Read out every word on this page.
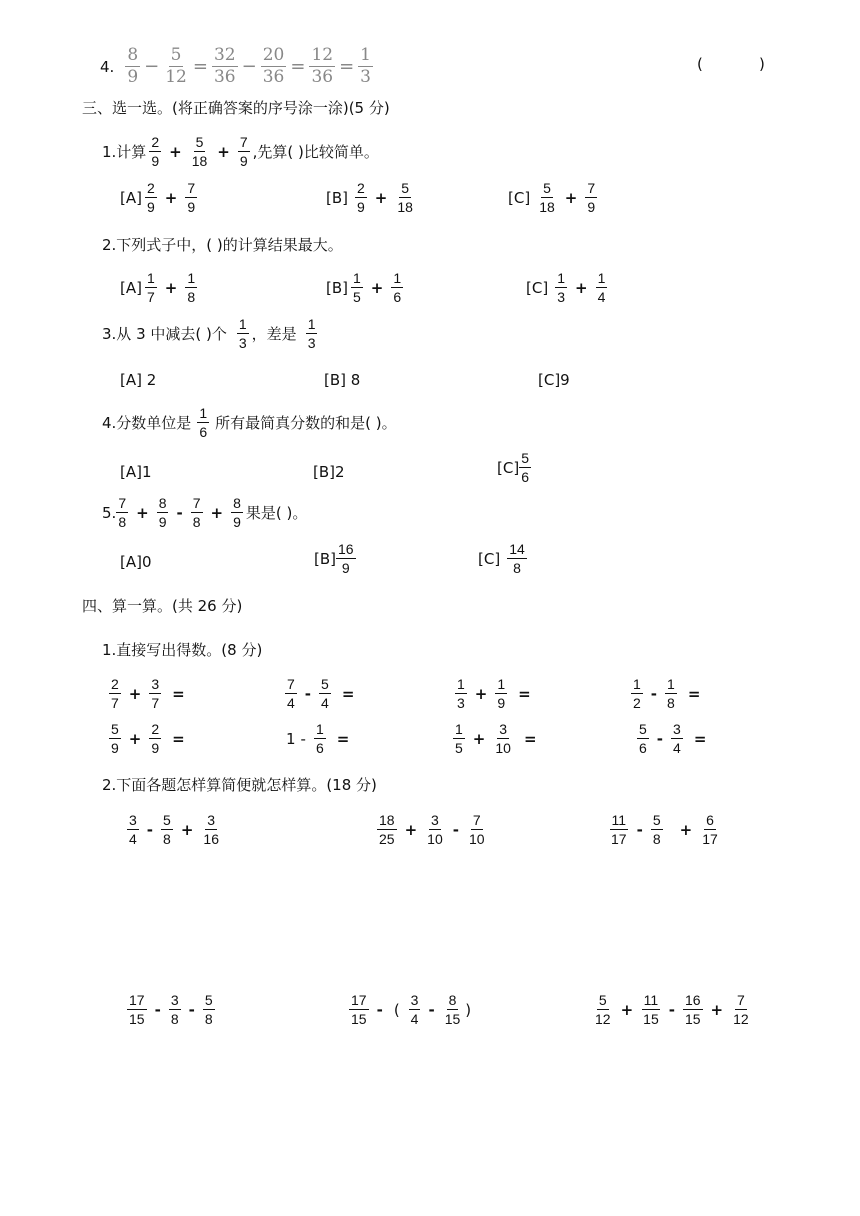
4. $\frac{8}{9} - \frac{5}{12} = \frac{32}{36} - \frac{20}{36} = \frac{12}{36} = \frac{1}{3}$	(	)
三、选一选。(将正确答案的序号涂一涂)(5 分)
1.计算 $\frac{2}{9} + \frac{5}{18} + \frac{7}{9}$ ,先算( )比较简单。
$[A] \frac{2}{9} + \frac{7}{9}$	$[B] \frac{2}{9} + \frac{5}{18}$	$[C] \frac{5}{18} + \frac{7}{9}$
2.下列式子中，( )的计算结果最大。
$[A] \frac{1}{7} + \frac{1}{8}$	$[B] \frac{1}{5} + \frac{1}{6}$	$[C] \frac{1}{3} + \frac{1}{4}$
3.从 3 中减去( )个 $\frac{1}{3}$ ，差是 $\frac{1}{3}$
[A] 2	[B] 8	[C]9
4.分数单位是 $\frac{1}{6}$ 所有最简真分数的和是( )。
[A]1	[B]2	$[C] \frac{5}{6}$
5. $\frac{7}{8} + \frac{8}{9} - \frac{7}{8} + \frac{8}{9}$ 果是( )。
[A]0	$[B] \frac{16}{9}$	$[C] \frac{14}{8}$
四、算一算。(共 26 分)
1.直接写出得数。(8 分)
$\frac{2}{7} + \frac{3}{7}$ =	$\frac{7}{4} - \frac{5}{4}$ =	$\frac{1}{3} + \frac{1}{9}$ =	$\frac{1}{2} - \frac{1}{8}$ =
$\frac{5}{9} + \frac{2}{9}$ =	$1 - \frac{1}{6}$ =	$\frac{1}{5} + \frac{3}{10}$ =	$\frac{5}{6} - \frac{3}{4}$ =
2.下面各题怎样算简便就怎样算。(18 分)
$\frac{3}{4} - \frac{5}{8} + \frac{3}{16}$	$\frac{18}{25} + \frac{3}{10} - \frac{7}{10}$	$\frac{11}{17} - \frac{5}{8} + \frac{6}{17}$
$\frac{17}{15} - \frac{3}{8} - \frac{5}{8}$	$\frac{17}{15}$ - ( $\frac{3}{4} - \frac{8}{15}$ )	$\frac{5}{12} + \frac{11}{15} - \frac{16}{15} + \frac{7}{12}$
